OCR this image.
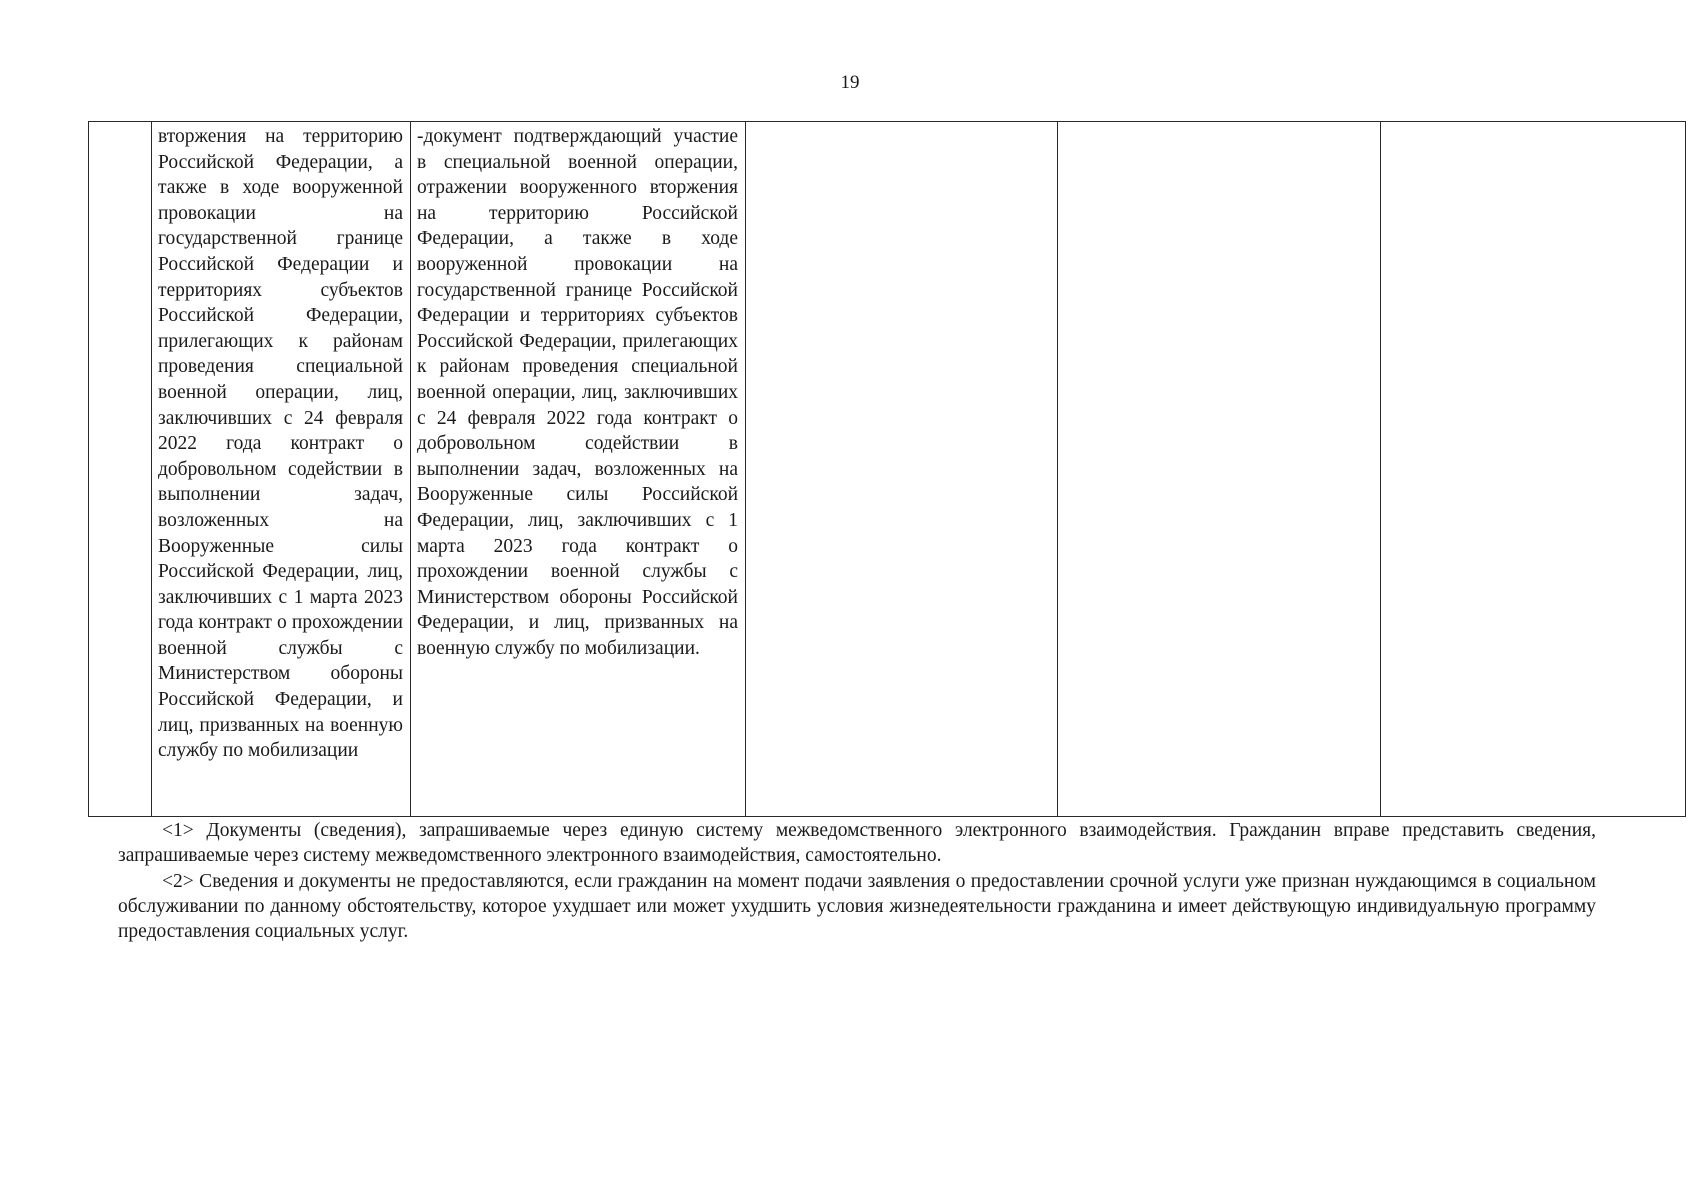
19

вторжения на территорию Российской Федерации, а также в ходе вооруженной провокации на государственной границе Российской Федерации и территориях субъектов Российской Федерации, прилегающих к районам проведения специальной военной операции, лиц, заключивших с 24 февраля 2022 года контракт о добровольном содействии в выполнении задач, возложенных на Вооруженные силы Российской Федерации, лиц, заключивших с 1 марта 2023 года контракт о прохождении военной службы с Министерством обороны Российской Федерации, и лиц, призванных на военную службу по мобилизации

-документ подтверждающий участие в специальной военной операции, отражении вооруженного вторжения на территорию Российской Федерации, а также в ходе вооруженной провокации на государственной границе Российской Федерации и территориях субъектов Российской Федерации, прилегающих к районам проведения специальной военной операции, лиц, заключивших с 24 февраля 2022 года контракт о добровольном содействии в выполнении задач, возложенных на Вооруженные силы Российской Федерации, лиц, заключивших с 1 марта 2023 года контракт о прохождении военной службы с Министерством обороны Российской Федерации, и лиц, призванных на военную службу по мобилизации.

<1> Документы (сведения), запрашиваемые через единую систему межведомственного электронного взаимодействия. Гражданин вправе представить сведения, запрашиваемые через систему межведомственного электронного взаимодействия, самостоятельно.

<2> Сведения и документы не предоставляются, если гражданин на момент подачи заявления о предоставлении срочной услуги уже признан нуждающимся в социальном обслуживании по данному обстоятельству, которое ухудшает или может ухудшить условия жизнедеятельности гражданина и имеет действующую индивидуальную программу предоставления социальных услуг.
